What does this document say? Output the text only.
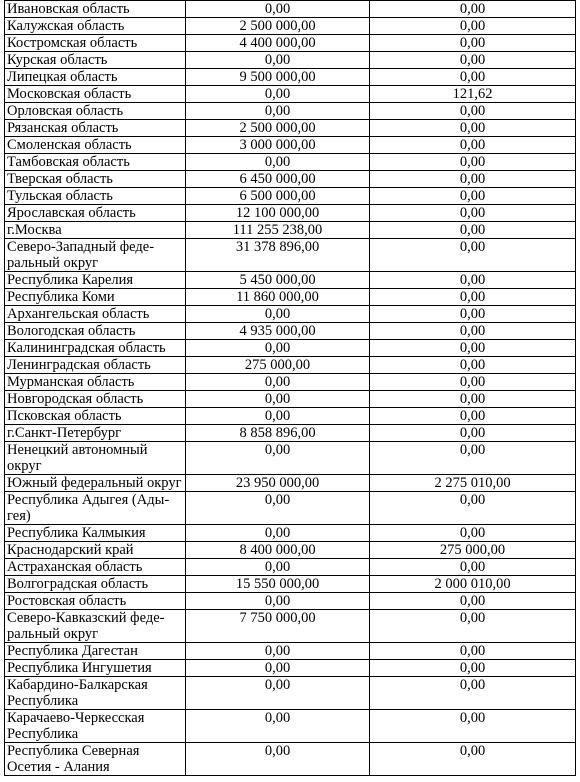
Ивановская область	0,00	0,00
Калужская область	2 500 000,00	0,00
Костромская область	4 400 000,00	0,00
Курская область	0,00	0,00
Липецкая область	9 500 000,00	0,00
Московская область	0,00	121,62
Орловская область	0,00	0,00
Рязанская область	2 500 000,00	0,00
Смоленская область	3 000 000,00	0,00
Тамбовская область	0,00	0,00
Тверская область	6 450 000,00	0,00
Тульская область	6 500 000,00	0,00
Ярославская область	12 100 000,00	0,00
г.Москва	111 255 238,00	0,00
Северо-Западный феде-ральный округ	31 378 896,00	0,00
Республика Карелия	5 450 000,00	0,00
Республика Коми	11 860 000,00	0,00
Архангельская область	0,00	0,00
Вологодская область	4 935 000,00	0,00
Калининградская область	0,00	0,00
Ленинградская область	275 000,00	0,00
Мурманская область	0,00	0,00
Новгородская область	0,00	0,00
Псковская область	0,00	0,00
г.Санкт-Петербург	8 858 896,00	0,00
Ненецкий автономный округ	0,00	0,00
Южный федеральный округ	23 950 000,00	2 275 010,00
Республика Адыгея (Ады-гея)	0,00	0,00
Республика Калмыкия	0,00	0,00
Краснодарский край	8 400 000,00	275 000,00
Астраханская область	0,00	0,00
Волгоградская область	15 550 000,00	2 000 010,00
Ростовская область	0,00	0,00
Северо-Кавказский феде-ральный округ	7 750 000,00	0,00
Республика Дагестан	0,00	0,00
Республика Ингушетия	0,00	0,00
Кабардино-Балкарская Республика	0,00	0,00
Карачаево-Черкесская Республика	0,00	0,00
Республика Северная Осетия - Алания	0,00	0,00
